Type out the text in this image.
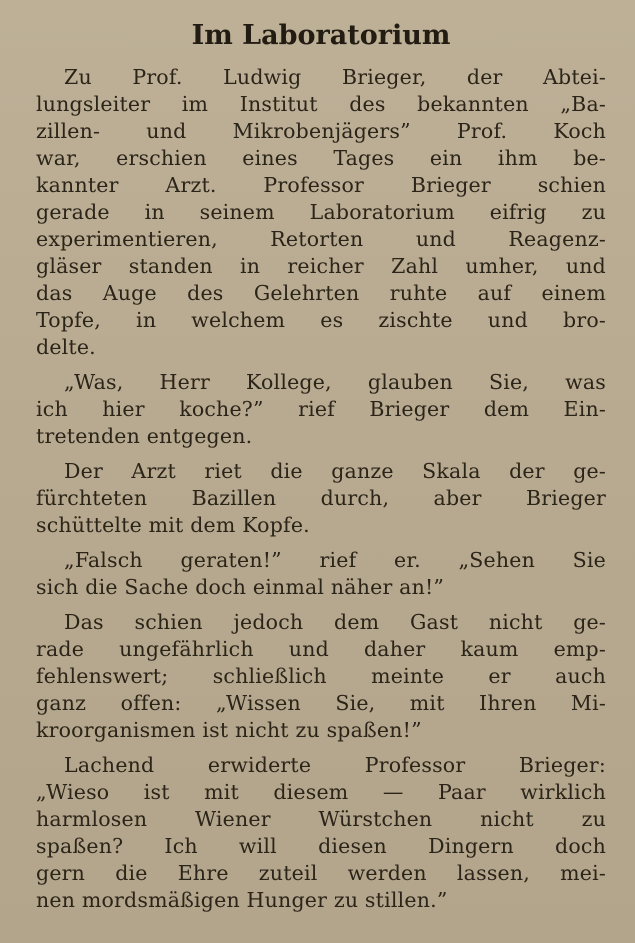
Im Laboratorium
Zu Prof. Ludwig Brieger, der Abtei-
lungsleiter im Institut des bekannten „Ba-
zillen- und Mikrobenjägers” Prof. Koch
war, erschien eines Tages ein ihm be-
kannter Arzt. Professor Brieger schien
gerade in seinem Laboratorium eifrig zu
experimentieren, Retorten und Reagenz-
gläser standen in reicher Zahl umher, und
das Auge des Gelehrten ruhte auf einem
Topfe, in welchem es zischte und bro-
delte.
„Was, Herr Kollege, glauben Sie, was
ich hier koche?” rief Brieger dem Ein-
tretenden entgegen.
Der Arzt riet die ganze Skala der ge-
fürchteten Bazillen durch, aber Brieger
schüttelte mit dem Kopfe.
„Falsch geraten!” rief er. „Sehen Sie
sich die Sache doch einmal näher an!”
Das schien jedoch dem Gast nicht ge-
rade ungefährlich und daher kaum emp-
fehlenswert; schließlich meinte er auch
ganz offen: „Wissen Sie, mit Ihren Mi-
kroorganismen ist nicht zu spaßen!”
Lachend erwiderte Professor Brieger:
„Wieso ist mit diesem — Paar wirklich
harmlosen Wiener Würstchen nicht zu
spaßen? Ich will diesen Dingern doch
gern die Ehre zuteil werden lassen, mei-
nen mordsmäßigen Hunger zu stillen.”
